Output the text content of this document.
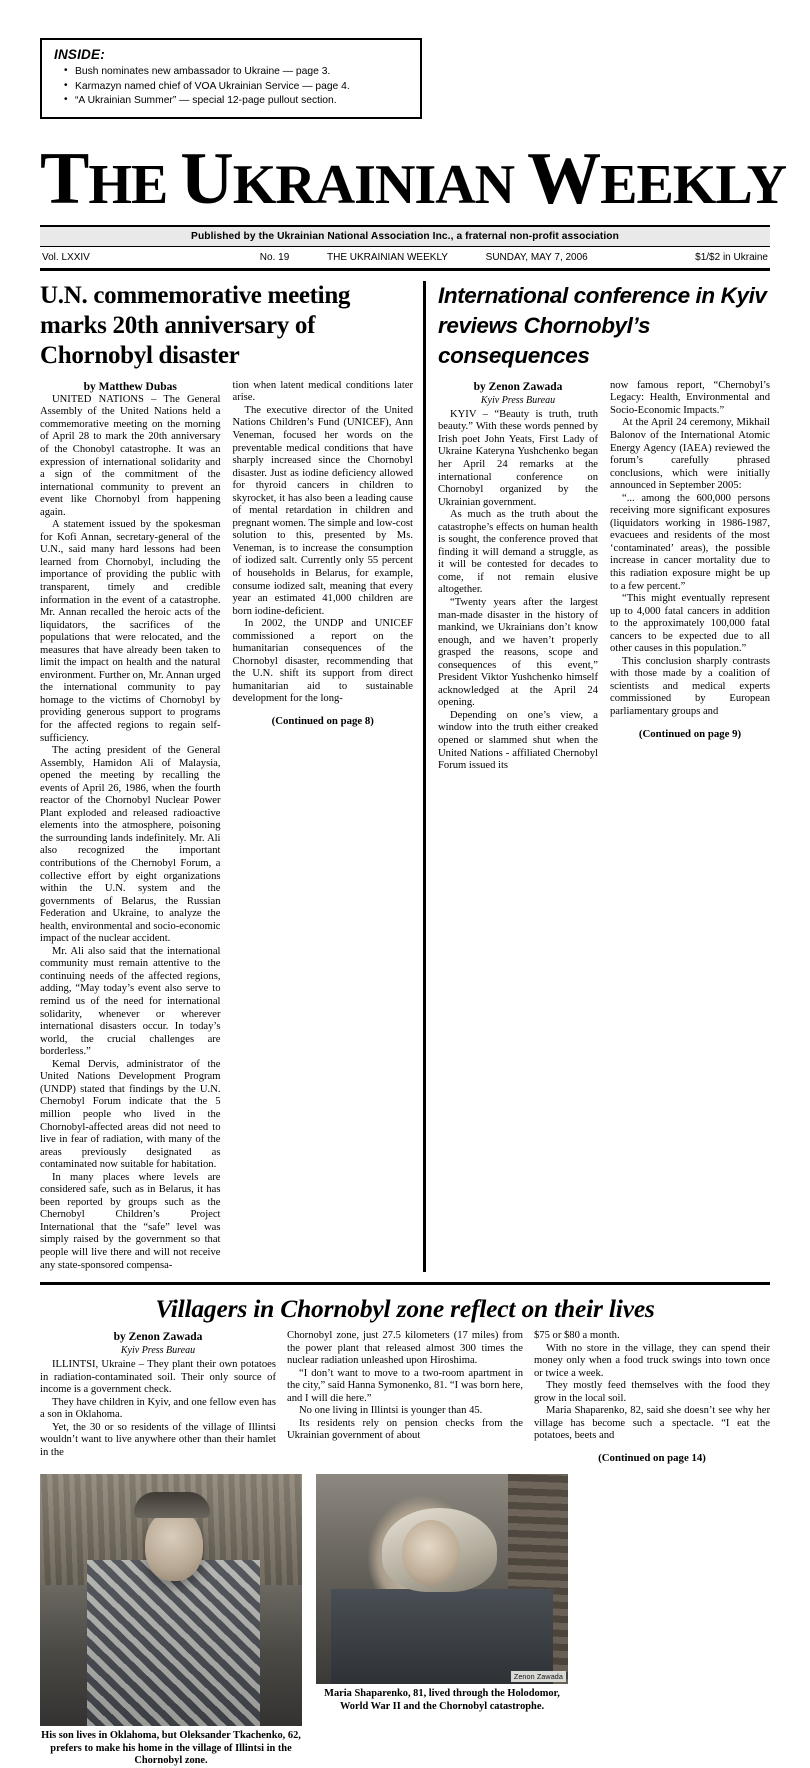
INSIDE:
• Bush nominates new ambassador to Ukraine — page 3.
• Karmazyn named chief of VOA Ukrainian Service — page 4.
• “A Ukrainian Summer” — special 12-page pullout section.
THE UKRAINIAN WEEKLY
Published by the Ukrainian National Association Inc., a fraternal non-profit association
Vol. LXXIV	No. 19	THE UKRAINIAN WEEKLY	SUNDAY, MAY 7, 2006	$1/$2 in Ukraine
U.N. commemorative meeting marks 20th anniversary of Chornobyl disaster
by Matthew Dubas

UNITED NATIONS – The General Assembly of the United Nations held a commemorative meeting on the morning of April 28 to mark the 20th anniversary of the Chonobyl catastrophe. It was an expression of international solidarity and a sign of the commitment of the international community to prevent an event like Chornobyl from happening again.

A statement issued by the spokesman for Kofi Annan, secretary-general of the U.N., said many hard lessons had been learned from Chornobyl, including the importance of providing the public with transparent, timely and credible information in the event of a catastrophe. Mr. Annan recalled the heroic acts of the liquidators, the sacrifices of the populations that were relocated, and the measures that have already been taken to limit the impact on health and the natural environment. Further on, Mr. Annan urged the international community to pay homage to the victims of Chornobyl by providing generous support to programs for the affected regions to regain self-sufficiency.

The acting president of the General Assembly, Hamidon Ali of Malaysia, opened the meeting by recalling the events of April 26, 1986, when the fourth reactor of the Chornobyl Nuclear Power Plant exploded and released radioactive elements into the atmosphere, poisoning the surrounding lands indefinitely. Mr. Ali also recognized the important contributions of the Chernobyl Forum, a collective effort by eight organizations within the U.N. system and the governments of Belarus, the Russian Federation and Ukraine, to analyze the health, environmental and socio-economic impact of the nuclear accident.

Mr. Ali also said that the international community must remain attentive to the continuing needs of the affected regions, adding, “May today’s event also serve to remind us of the need for international solidarity, whenever or wherever international disasters occur. In today’s world, the crucial challenges are borderless.”

Kemal Dervis, administrator of the United Nations Development Program (UNDP) stated that findings by the U.N. Chernobyl Forum indicate that the 5 million people who lived in the Chornobyl-affected areas did not need to live in fear of radiation, with many of the areas previously designated as contaminated now suitable for habitation.

In many places where levels are considered safe, such as in Belarus, it has been reported by groups such as the Chernobyl Children’s Project International that the “safe” level was simply raised by the government so that people will live there and will not receive any state-sponsored compensa-

tion when latent medical conditions later arise.

The executive director of the United Nations Children’s Fund (UNICEF), Ann Veneman, focused her words on the preventable medical conditions that have sharply increased since the Chornobyl disaster. Just as iodine deficiency allowed for thyroid cancers in children to skyrocket, it has also been a leading cause of mental retardation in children and pregnant women. The simple and low-cost solution to this, presented by Ms. Veneman, is to increase the consumption of iodized salt. Currently only 55 percent of households in Belarus, for example, consume iodized salt, meaning that every year an estimated 41,000 children are born iodine-deficient.

In 2002, the UNDP and UNICEF commissioned a report on the humanitarian consequences of the Chornobyl disaster, recommending that the U.N. shift its support from direct humanitarian aid to sustainable development for the long-

(Continued on page 8)
International conference in Kyiv reviews Chornobyl’s consequences
by Zenon Zawada
Kyiv Press Bureau

KYIV – “Beauty is truth, truth beauty.” With these words penned by Irish poet John Yeats, First Lady of Ukraine Kateryna Yushchenko began her April 24 remarks at the international conference on Chornobyl organized by the Ukrainian government.

As much as the truth about the catastrophe’s effects on human health is sought, the conference proved that finding it will demand a struggle, as it will be contested for decades to come, if not remain elusive altogether.

“Twenty years after the largest man-made disaster in the history of mankind, we Ukrainians don’t know enough, and we haven’t properly grasped the reasons, scope and consequences of this event,” President Viktor Yushchenko himself acknowledged at the April 24 opening.

Depending on one’s view, a window into the truth either creaked opened or slammed shut when the United Nations - affiliated Chernobyl Forum issued its

now famous report, “Chernobyl’s Legacy: Health, Environmental and Socio-Economic Impacts.”

At the April 24 ceremony, Mikhail Balonov of the International Atomic Energy Agency (IAEA) reviewed the forum’s carefully phrased conclusions, which were initially announced in September 2005:

“... among the 600,000 persons receiving more significant exposures (liquidators working in 1986-1987, evacuees and residents of the most ‘contaminated’ areas), the possible increase in cancer mortality due to this radiation exposure might be up to a few percent.”

“This might eventually represent up to 4,000 fatal cancers in addition to the approximately 100,000 fatal cancers to be expected due to all other causes in this population.”

This conclusion sharply contrasts with those made by a coalition of scientists and medical experts commissioned by European parliamentary groups and

(Continued on page 9)
Villagers in Chornobyl zone reflect on their lives
by Zenon Zawada
Kyiv Press Bureau

ILLINTSI, Ukraine – They plant their own potatoes in radiation-contaminated soil. Their only source of income is a government check.

They have children in Kyiv, and one fellow even has a son in Oklahoma.

Yet, the 30 or so residents of the village of Illintsi wouldn’t want to live anywhere other than their hamlet in the

Chornobyl zone, just 27.5 kilometers (17 miles) from the power plant that released almost 300 times the nuclear radiation unleashed upon Hiroshima.

“I don’t want to move to a two-room apartment in the city,” said Hanna Symonenko, 81. “I was born here, and I will die here.”

No one living in Illintsi is younger than 45.

Its residents rely on pension checks from the Ukrainian government of about

$75 or $80 a month.

With no store in the village, they can spend their money only when a food truck swings into town once or twice a week.

They mostly feed themselves with the food they grow in the local soil.

Maria Shaparenko, 82, said she doesn’t see why her village has become such a spectacle. “I eat the potatoes, beets and

(Continued on page 14)
His son lives in Oklahoma, but Oleksander Tkachenko, 62, prefers to make his home in the village of Illintsi in the Chornobyl zone.
Zenon Zawada
Maria Shaparenko, 81, lived through the Holodomor, World War II and the Chornobyl catastrophe.
